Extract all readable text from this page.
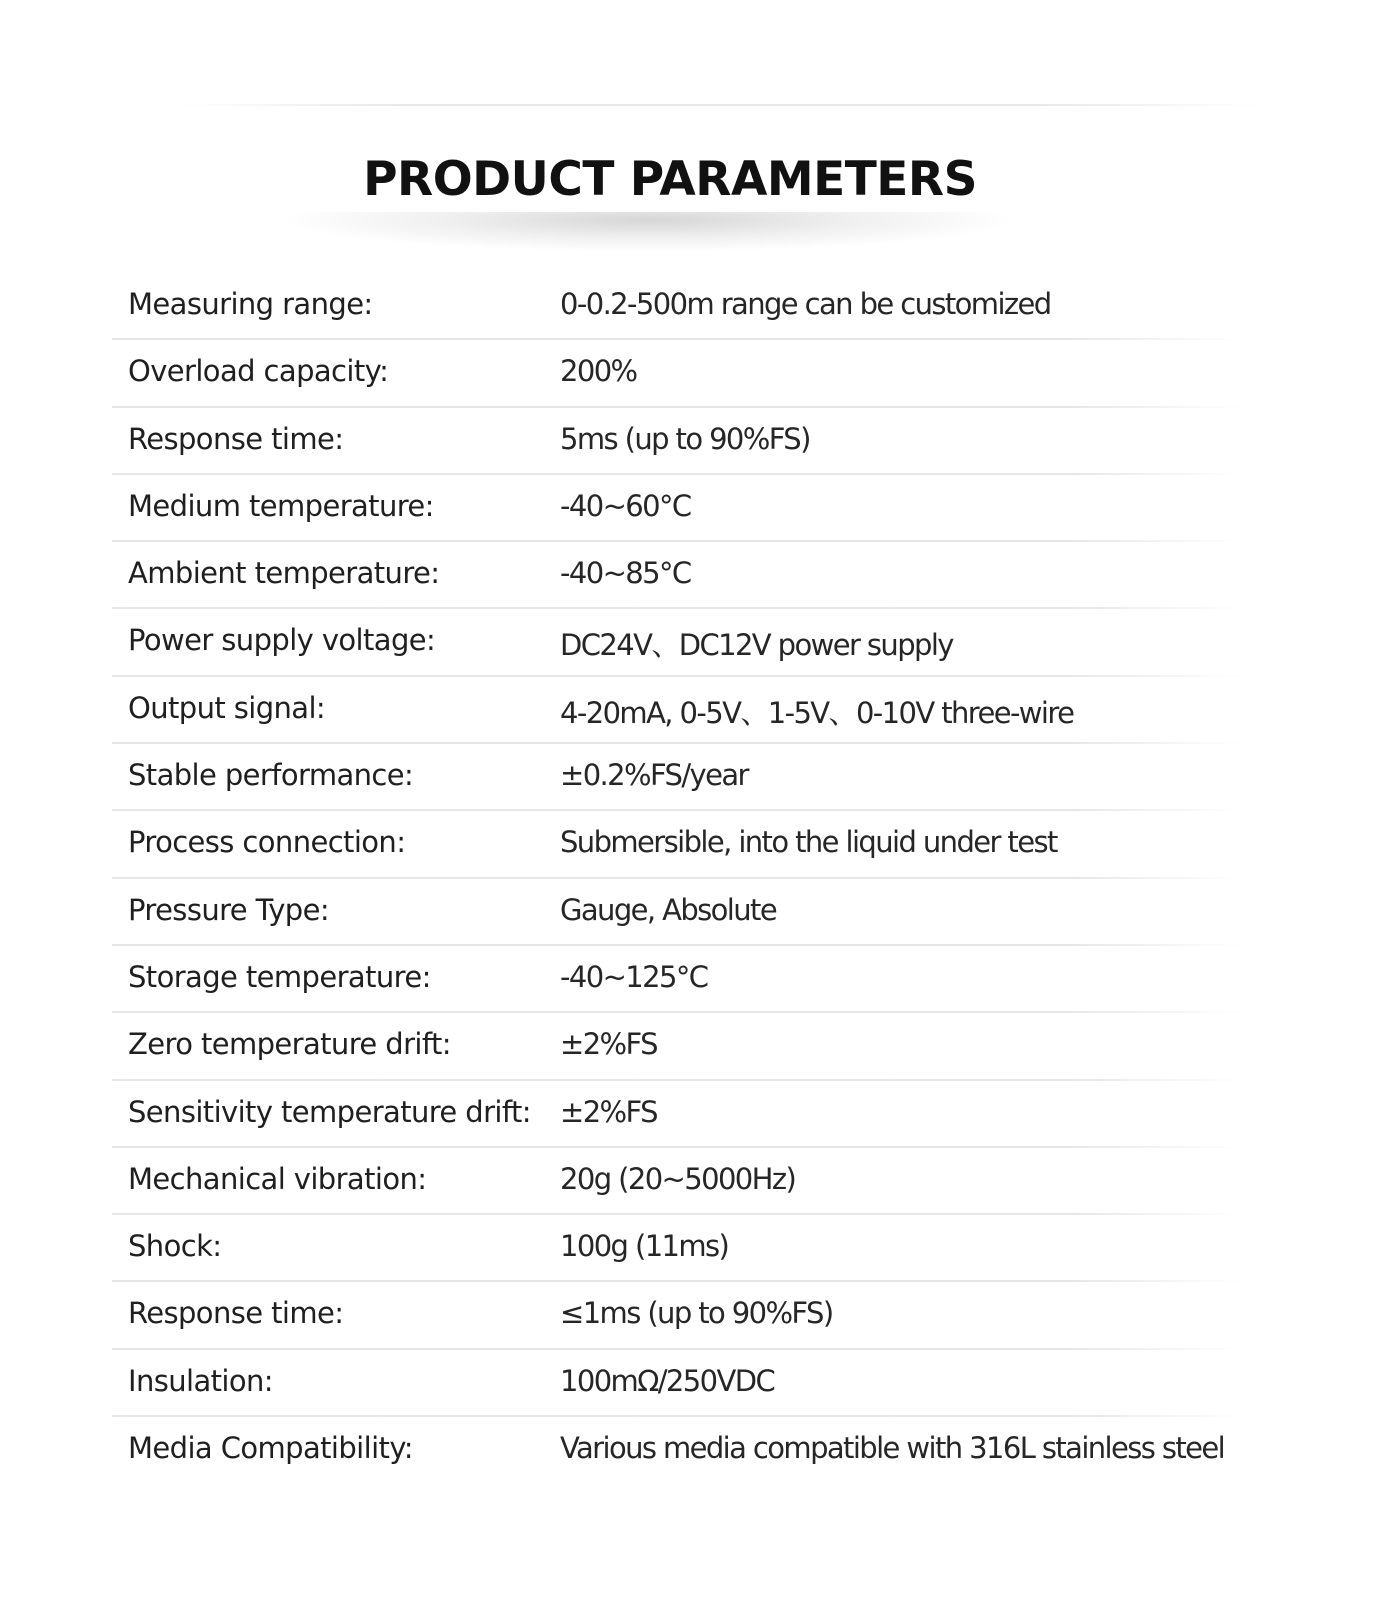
PRODUCT PARAMETERS
Measuring range:	0-0.2-500m range can be customized
Overload capacity:	200%
Response time:	5ms (up to 90%FS)
Medium temperature:	-40~60°C
Ambient temperature:	-40~85°C
Power supply voltage:	DC24V、DC12V power supply
Output signal:	4-20mA, 0-5V、1-5V、0-10V three-wire
Stable performance:	±0.2%FS/year
Process connection:	Submersible, into the liquid under test
Pressure Type:	Gauge, Absolute
Storage temperature:	-40~125°C
Zero temperature drift:	±2%FS
Sensitivity temperature drift: ±2%FS
Mechanical vibration:	20g (20~5000Hz)
Shock:	100g (11ms)
Response time:	≤1ms (up to 90%FS)
Insulation:	100mΩ/250VDC
Media Compatibility:	Various media compatible with 316L stainless steel
